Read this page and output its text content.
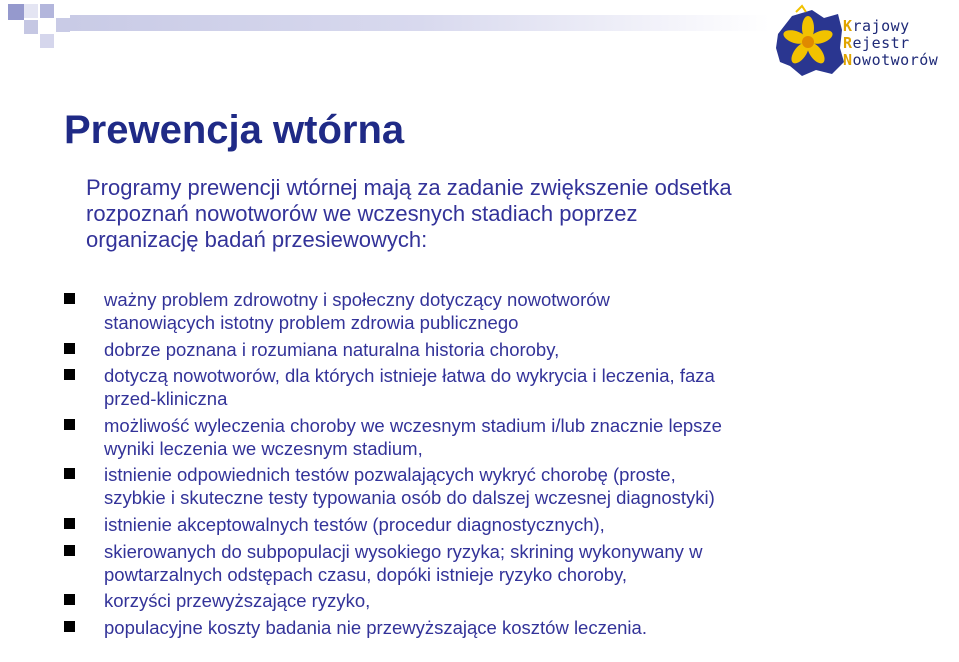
Krajowy
Rejestr
Nowotworów
Prewencja wtórna
Programy prewencji wtórnej mają za zadanie zwiększenie odsetka
rozpoznań nowotworów we wczesnych stadiach poprzez
organizację badań przesiewowych:
ważny problem zdrowotny i społeczny dotyczący nowotworów
stanowiących istotny problem zdrowia publicznego
dobrze poznana i rozumiana naturalna historia choroby,
dotyczą nowotworów, dla których istnieje łatwa do wykrycia i leczenia, faza
przed-kliniczna
możliwość wyleczenia choroby we wczesnym stadium i/lub znacznie lepsze
wyniki leczenia we wczesnym stadium,
istnienie odpowiednich testów pozwalających wykryć chorobę (proste,
szybkie i skuteczne testy typowania osób do dalszej wczesnej diagnostyki)
istnienie akceptowalnych testów (procedur diagnostycznych),
skierowanych do subpopulacji wysokiego ryzyka; skrining wykonywany w
powtarzalnych odstępach czasu, dopóki istnieje ryzyko choroby,
korzyści przewyższające ryzyko,
populacyjne koszty badania nie przewyższające kosztów leczenia.
